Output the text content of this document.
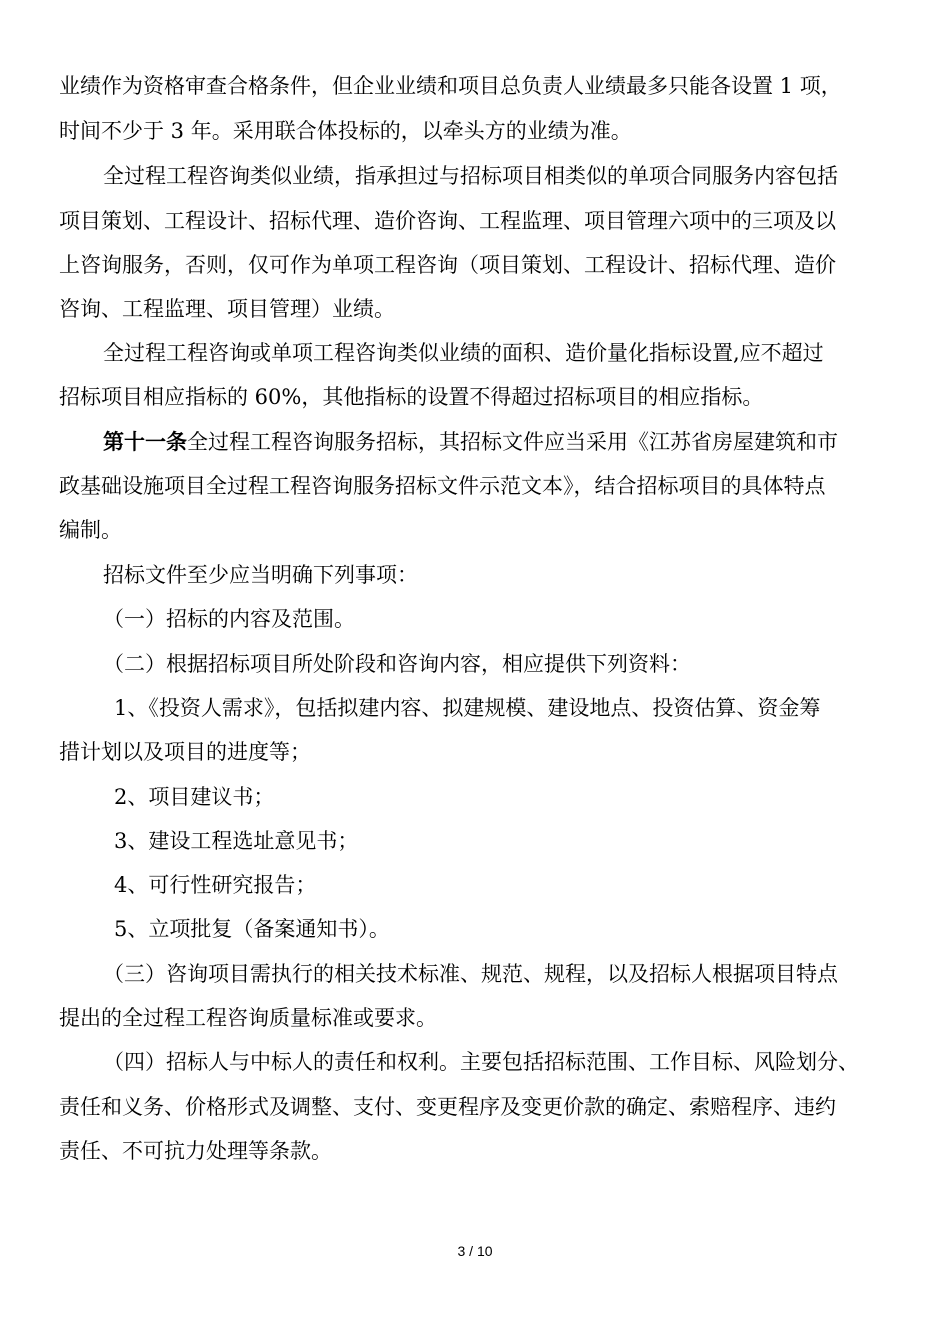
业绩作为资格审查合格条件，但企业业绩和项目总负责人业绩最多只能各设置 1 项，
时间不少于 3 年。采用联合体投标的，以牵头方的业绩为准。
全过程工程咨询类似业绩，指承担过与招标项目相类似的单项合同服务内容包括
项目策划、工程设计、招标代理、造价咨询、工程监理、项目管理六项中的三项及以
上咨询服务，否则，仅可作为单项工程咨询（项目策划、工程设计、招标代理、造价
咨询、工程监理、项目管理）业绩。
全过程工程咨询或单项工程咨询类似业绩的面积、造价量化指标设置,应不超过
招标项目相应指标的 60%，其他指标的设置不得超过招标项目的相应指标。
第十一条全过程工程咨询服务招标，其招标文件应当采用《江苏省房屋建筑和市
政基础设施项目全过程工程咨询服务招标文件示范文本》，结合招标项目的具体特点
编制。
招标文件至少应当明确下列事项：
（一）招标的内容及范围。
（二）根据招标项目所处阶段和咨询内容，相应提供下列资料：
1、《投资人需求》，包括拟建内容、拟建规模、建设地点、投资估算、资金筹
措计划以及项目的进度等；
2、项目建议书；
3、建设工程选址意见书；
4、可行性研究报告；
5、立项批复（备案通知书）。
（三）咨询项目需执行的相关技术标准、规范、规程，以及招标人根据项目特点
提出的全过程工程咨询质量标准或要求。
（四）招标人与中标人的责任和权利。主要包括招标范围、工作目标、风险划分、
责任和义务、价格形式及调整、支付、变更程序及变更价款的确定、索赔程序、违约
责任、不可抗力处理等条款。
3 / 10
